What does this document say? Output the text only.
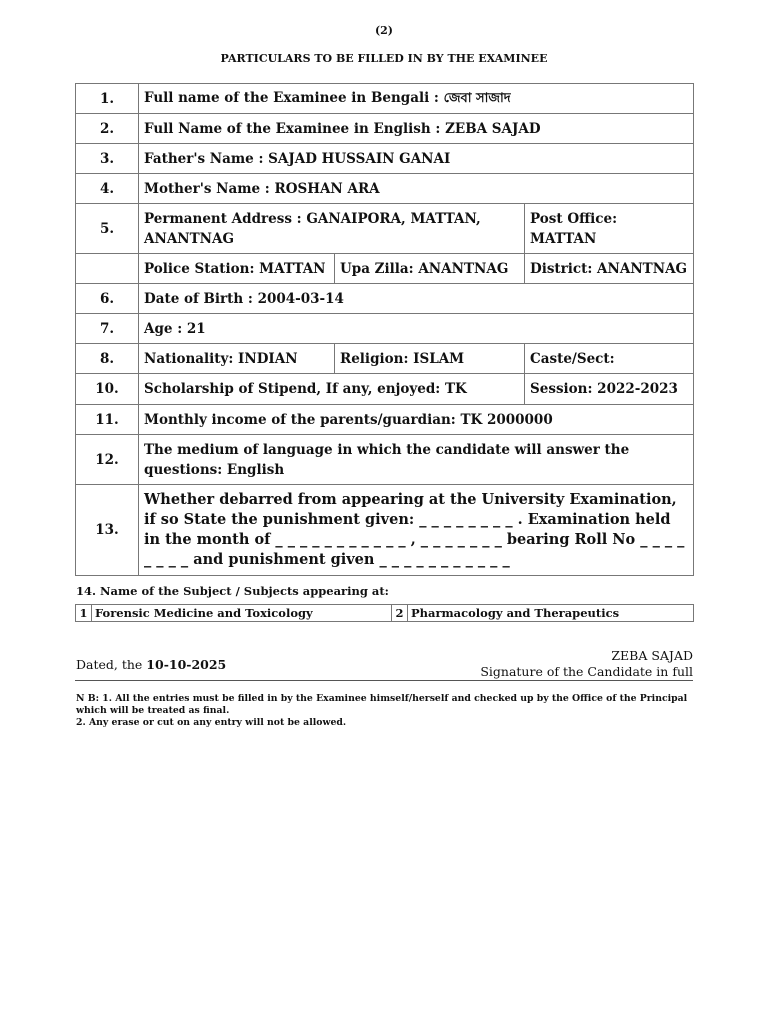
(2)
PARTICULARS TO BE FILLED IN BY THE EXAMINEE
1.	Full name of the Examinee in Bengali : জেবা সাজাদ		
2.	Full Name of the Examinee in English : ZEBA SAJAD		
3.	Father's Name : SAJAD HUSSAIN GANAI		
4.	Mother's Name : ROSHAN ARA		
5.	Permanent Address : GANAIPORA, MATTAN, ANANTNAG		Post Office: MATTAN
	Police Station: MATTAN	Upa Zilla: ANANTNAG	District: ANANTNAG
6.	Date of Birth : 2004-03-14		
7.	Age : 21		
8.	Nationality: INDIAN	Religion: ISLAM	Caste/Sect:
10.	Scholarship of Stipend, If any, enjoyed: TK		Session: 2022-2023
11.	Monthly income of the parents/guardian: TK 2000000		
12.	The medium of language in which the candidate will answer the questions: English		
13.	Whether debarred from appearing at the University Examination, if so State the punishment given: _ _ _ _ _ _ _ _ . Examination held in the month of _ _ _ _ _ _ _ _ _ _ _ , _ _ _ _ _ _ _ bearing Roll No _ _ _ _ _ _ _ _ and punishment given _ _ _ _ _ _ _ _ _ _ _		
14. Name of the Subject / Subjects appearing at:
1	Forensic Medicine and Toxicology	2	Pharmacology and Therapeutics
Dated, the 10-10-2025
ZEBA SAJAD
Signature of the Candidate in full
N B: 1. All the entries must be filled in by the Examinee himself/herself and checked up by the Office of the Principal which will be treated as final.
2. Any erase or cut on any entry will not be allowed.
